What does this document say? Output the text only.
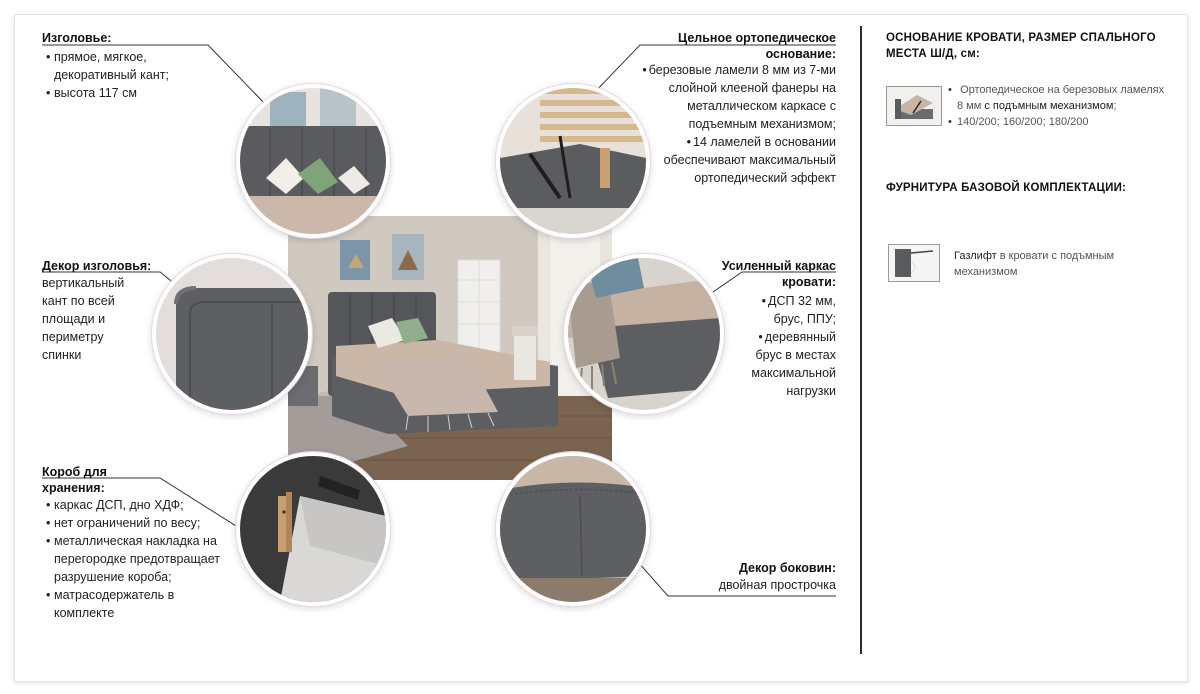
Изголовье:
• прямое, мягкое, декоративный кант;
• высота 117 см
Декор изголовья:
вертикальный
кант по всей
площади и
периметру
спинки
Короб для
хранения:
• каркас ДСП, дно ХДФ;
• нет ограничений по весу;
• металлическая накладка на перегородке предотвращает разрушение короба;
• матрасодержатель в комплекте
Цельное ортопедическое
основание:
• березовые ламели 8 мм из 7-ми слойной клееной фанеры на металлическом каркасе с подъемным механизмом;
• 14 ламелей в основании обеспечивают максимальный ортопедический эффект
Усиленный каркас
кровати:
• ДСП 32 мм, брус, ППУ;
• деревянный брус в местах максимальной нагрузки
Декор боковин:
двойная прострочка
ОСНОВАНИЕ КРОВАТИ, РАЗМЕР СПАЛЬНОГО
МЕСТА Ш/Д, см:
• Ортопедическое на березовых ламелях 8 мм с подъмным механизмом;
• 140/200; 160/200; 180/200
ФУРНИТУРА БАЗОВОЙ КОМПЛЕКТАЦИИ:
Газлифт в кровати с подъмным механизмом
